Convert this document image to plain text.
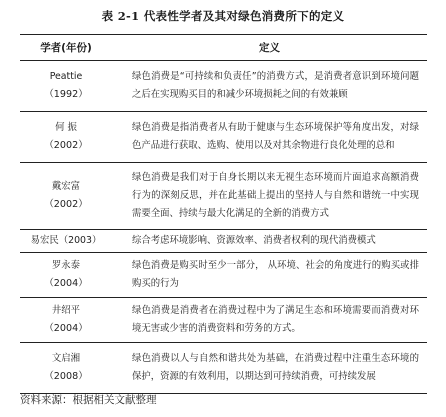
表 2-1 代表性学者及其对绿色消费所下的定义
学者(年份)	定义
Peattie
（1992）	绿色消费是“可持续和负责任”的消费方式，是消费者意识到环境问题之后在实现购买目的和减少环境损耗之间的有效兼顾
何 振
（2002）	绿色消费是指消费者从有助于健康与生态环境保护等角度出发，对绿色产品进行获取、选购、使用以及对其余物进行良化处理的总和
戴宏富
（2002）	绿色消费是我们对于自身长期以来无视生态环境而片面追求高额消费行为的深刻反思，并在此基础上提出的坚持人与自然和谐统一中实现需要全面、持续与最大化满足的全新的消费方式
易宏民（2003）	综合考虑环境影响、资源效率、消费者权利的现代消费模式
罗永泰
（2004）	绿色消费是购买时至少一部分， 从环境、社会的角度进行的购买或排购买的行为
井绍平
（2004）	绿色消费是消费者在消费过程中为了满足生态和环境需要而消费对环境无害或少害的消费资料和劳务的方式。
文启湘
（2008）	绿色消费以人与自然和谐共处为基础，在消费过程中注重生态环境的保护，资源的有效利用，以期达到可持续消费，可持续发展
资料来源：根据相关文献整理
